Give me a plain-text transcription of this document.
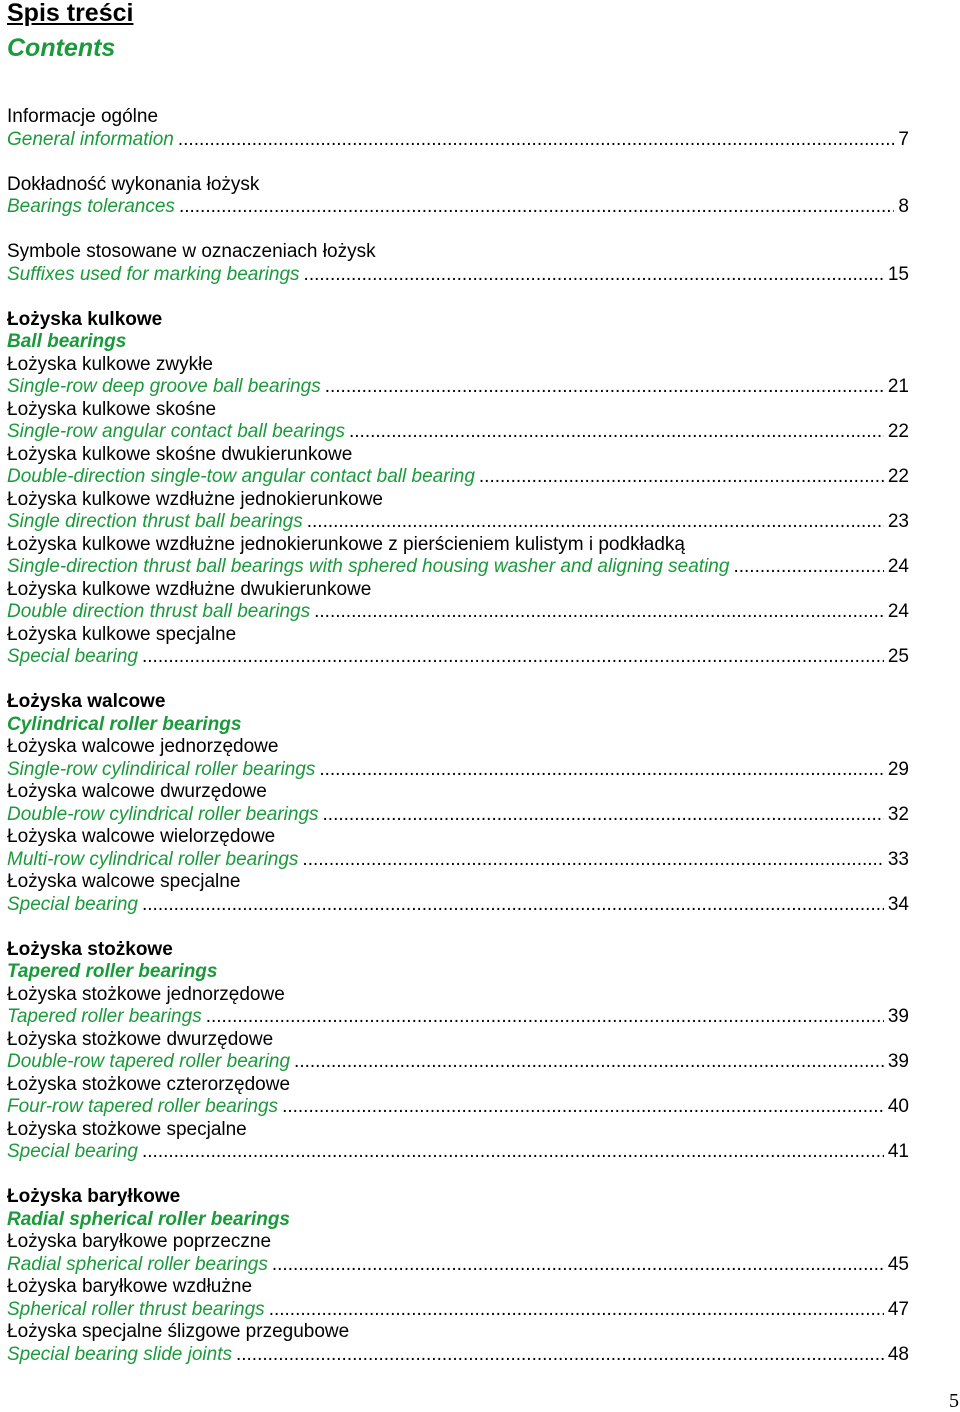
Spis treści
Contents
Informacje ogólne
General information .....	7
Dokładność wykonania łożysk
Bearings tolerances .....	8
Symbole stosowane w oznaczeniach łożysk
Suffixes used for marking bearings .....	15
Łożyska kulkowe
Ball bearings
Łożyska kulkowe zwykłe
Single-row deep groove ball bearings .....	21
Łożyska kulkowe skośne
Single-row angular contact ball bearings .....	22
Łożyska kulkowe skośne dwukierunkowe
Double-direction single-tow angular contact ball bearing .....	22
Łożyska kulkowe wzdłużne jednokierunkowe
Single direction thrust ball bearings .....	23
Łożyska kulkowe wzdłużne jednokierunkowe z pierścieniem kulistym i podkładką
Single-direction thrust ball bearings with sphered housing washer and aligning seating .....	24
Łożyska kulkowe wzdłużne dwukierunkowe
Double direction thrust ball bearings .....	24
Łożyska kulkowe specjalne
Special bearing .....	25
Łożyska walcowe
Cylindrical roller bearings
Łożyska walcowe jednorzędowe
Single-row cylindirical roller bearings .....	29
Łożyska walcowe dwurzędowe
Double-row cylindrical roller bearings .....	32
Łożyska walcowe wielorzędowe
Multi-row cylindrical roller bearings .....	33
Łożyska walcowe specjalne
Special bearing .....	34
Łożyska stożkowe
Tapered roller bearings
Łożyska stożkowe jednorzędowe
Tapered roller bearings .....	39
Łożyska stożkowe dwurzędowe
Double-row tapered roller bearing .....	39
Łożyska stożkowe czterorzędowe
Four-row tapered roller bearings .....	40
Łożyska stożkowe specjalne
Special bearing .....	41
Łożyska baryłkowe
Radial spherical roller bearings
Łożyska baryłkowe poprzeczne
Radial spherical roller bearings .....	45
Łożyska baryłkowe wzdłużne
Spherical roller thrust bearings .....	47
Łożyska specjalne ślizgowe przegubowe
Special bearing slide joints .....	48
5
